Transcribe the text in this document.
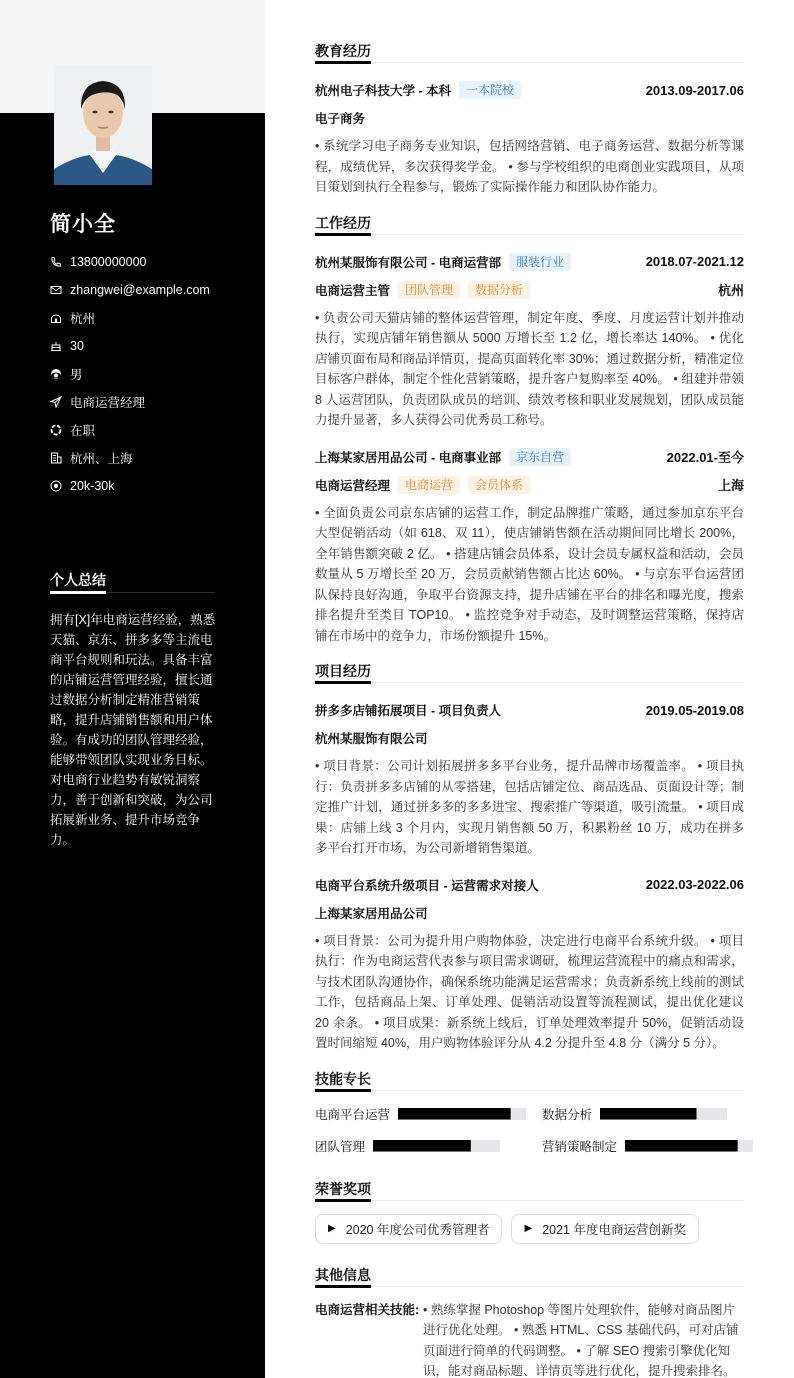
简小全
13800000000
zhangwei@example.com
杭州
30
男
电商运营经理
在职
杭州、上海
20k-30k
个人总结
拥有[X]年电商运营经验，熟悉天猫、京东、拼多多等主流电商平台规则和玩法。具备丰富的店铺运营管理经验，擅长通过数据分析制定精准营销策略，提升店铺销售额和用户体验。有成功的团队管理经验，能够带领团队实现业务目标。对电商行业趋势有敏锐洞察力，善于创新和突破，为公司拓展新业务、提升市场竞争力。
教育经历
杭州电子科技大学 - 本科	一本院校	2013.09-2017.06
电子商务
• 系统学习电子商务专业知识，包括网络营销、电子商务运营、数据分析等课程，成绩优异，多次获得奖学金。 • 参与学校组织的电商创业实践项目，从项目策划到执行全程参与，锻炼了实际操作能力和团队协作能力。
工作经历
杭州某服饰有限公司 - 电商运营部	服装行业	2018.07-2021.12
电商运营主管	团队管理	数据分析	杭州
• 负责公司天猫店铺的整体运营管理，制定年度、季度、月度运营计划并推动执行，实现店铺年销售额从 5000 万增长至 1.2 亿，增长率达 140%。 • 优化店铺页面布局和商品详情页，提高页面转化率 30%；通过数据分析，精准定位目标客户群体，制定个性化营销策略，提升客户复购率至 40%。 • 组建并带领 8 人运营团队，负责团队成员的培训、绩效考核和职业发展规划，团队成员能力提升显著，多人获得公司优秀员工称号。
上海某家居用品公司 - 电商事业部	京东自营	2022.01-至今
电商运营经理	电商运营	会员体系	上海
• 全面负责公司京东店铺的运营工作，制定品牌推广策略，通过参加京东平台大型促销活动（如 618、双 11），使店铺销售额在活动期间同比增长 200%，全年销售额突破 2 亿。 • 搭建店铺会员体系，设计会员专属权益和活动，会员数量从 5 万增长至 20 万，会员贡献销售额占比达 60%。 • 与京东平台运营团队保持良好沟通，争取平台资源支持，提升店铺在平台的排名和曝光度，搜索排名提升至类目 TOP10。 • 监控竞争对手动态，及时调整运营策略，保持店铺在市场中的竞争力，市场份额提升 15%。
项目经历
拼多多店铺拓展项目 - 项目负责人	2019.05-2019.08
杭州某服饰有限公司
• 项目背景：公司计划拓展拼多多平台业务，提升品牌市场覆盖率。 • 项目执行：负责拼多多店铺的从零搭建，包括店铺定位、商品选品、页面设计等；制定推广计划，通过拼多多的多多进宝、搜索推广等渠道，吸引流量。 • 项目成果：店铺上线 3 个月内，实现月销售额 50 万，积累粉丝 10 万，成功在拼多多平台打开市场，为公司新增销售渠道。
电商平台系统升级项目 - 运营需求对接人	2022.03-2022.06
上海某家居用品公司
• 项目背景：公司为提升用户购物体验，决定进行电商平台系统升级。 • 项目执行：作为电商运营代表参与项目需求调研，梳理运营流程中的痛点和需求，与技术团队沟通协作，确保系统功能满足运营需求；负责新系统上线前的测试工作，包括商品上架、订单处理、促销活动设置等流程测试，提出优化建议 20 余条。 • 项目成果：新系统上线后，订单处理效率提升 50%，促销活动设置时间缩短 40%，用户购物体验评分从 4.2 分提升至 4.8 分（满分 5 分）。
技能专长
电商平台运营	数据分析
团队管理	营销策略制定
荣誉奖项
▶ 2020 年度公司优秀管理者	▶ 2021 年度电商运营创新奖
其他信息
电商运营相关技能: • 熟练掌握 Photoshop 等图片处理软件，能够对商品图片进行优化处理。 • 熟悉 HTML、CSS 基础代码，可对店铺页面进行简单的代码调整。 • 了解 SEO 搜索引擎优化知识，能对商品标题、详情页等进行优化，提升搜索排名。
